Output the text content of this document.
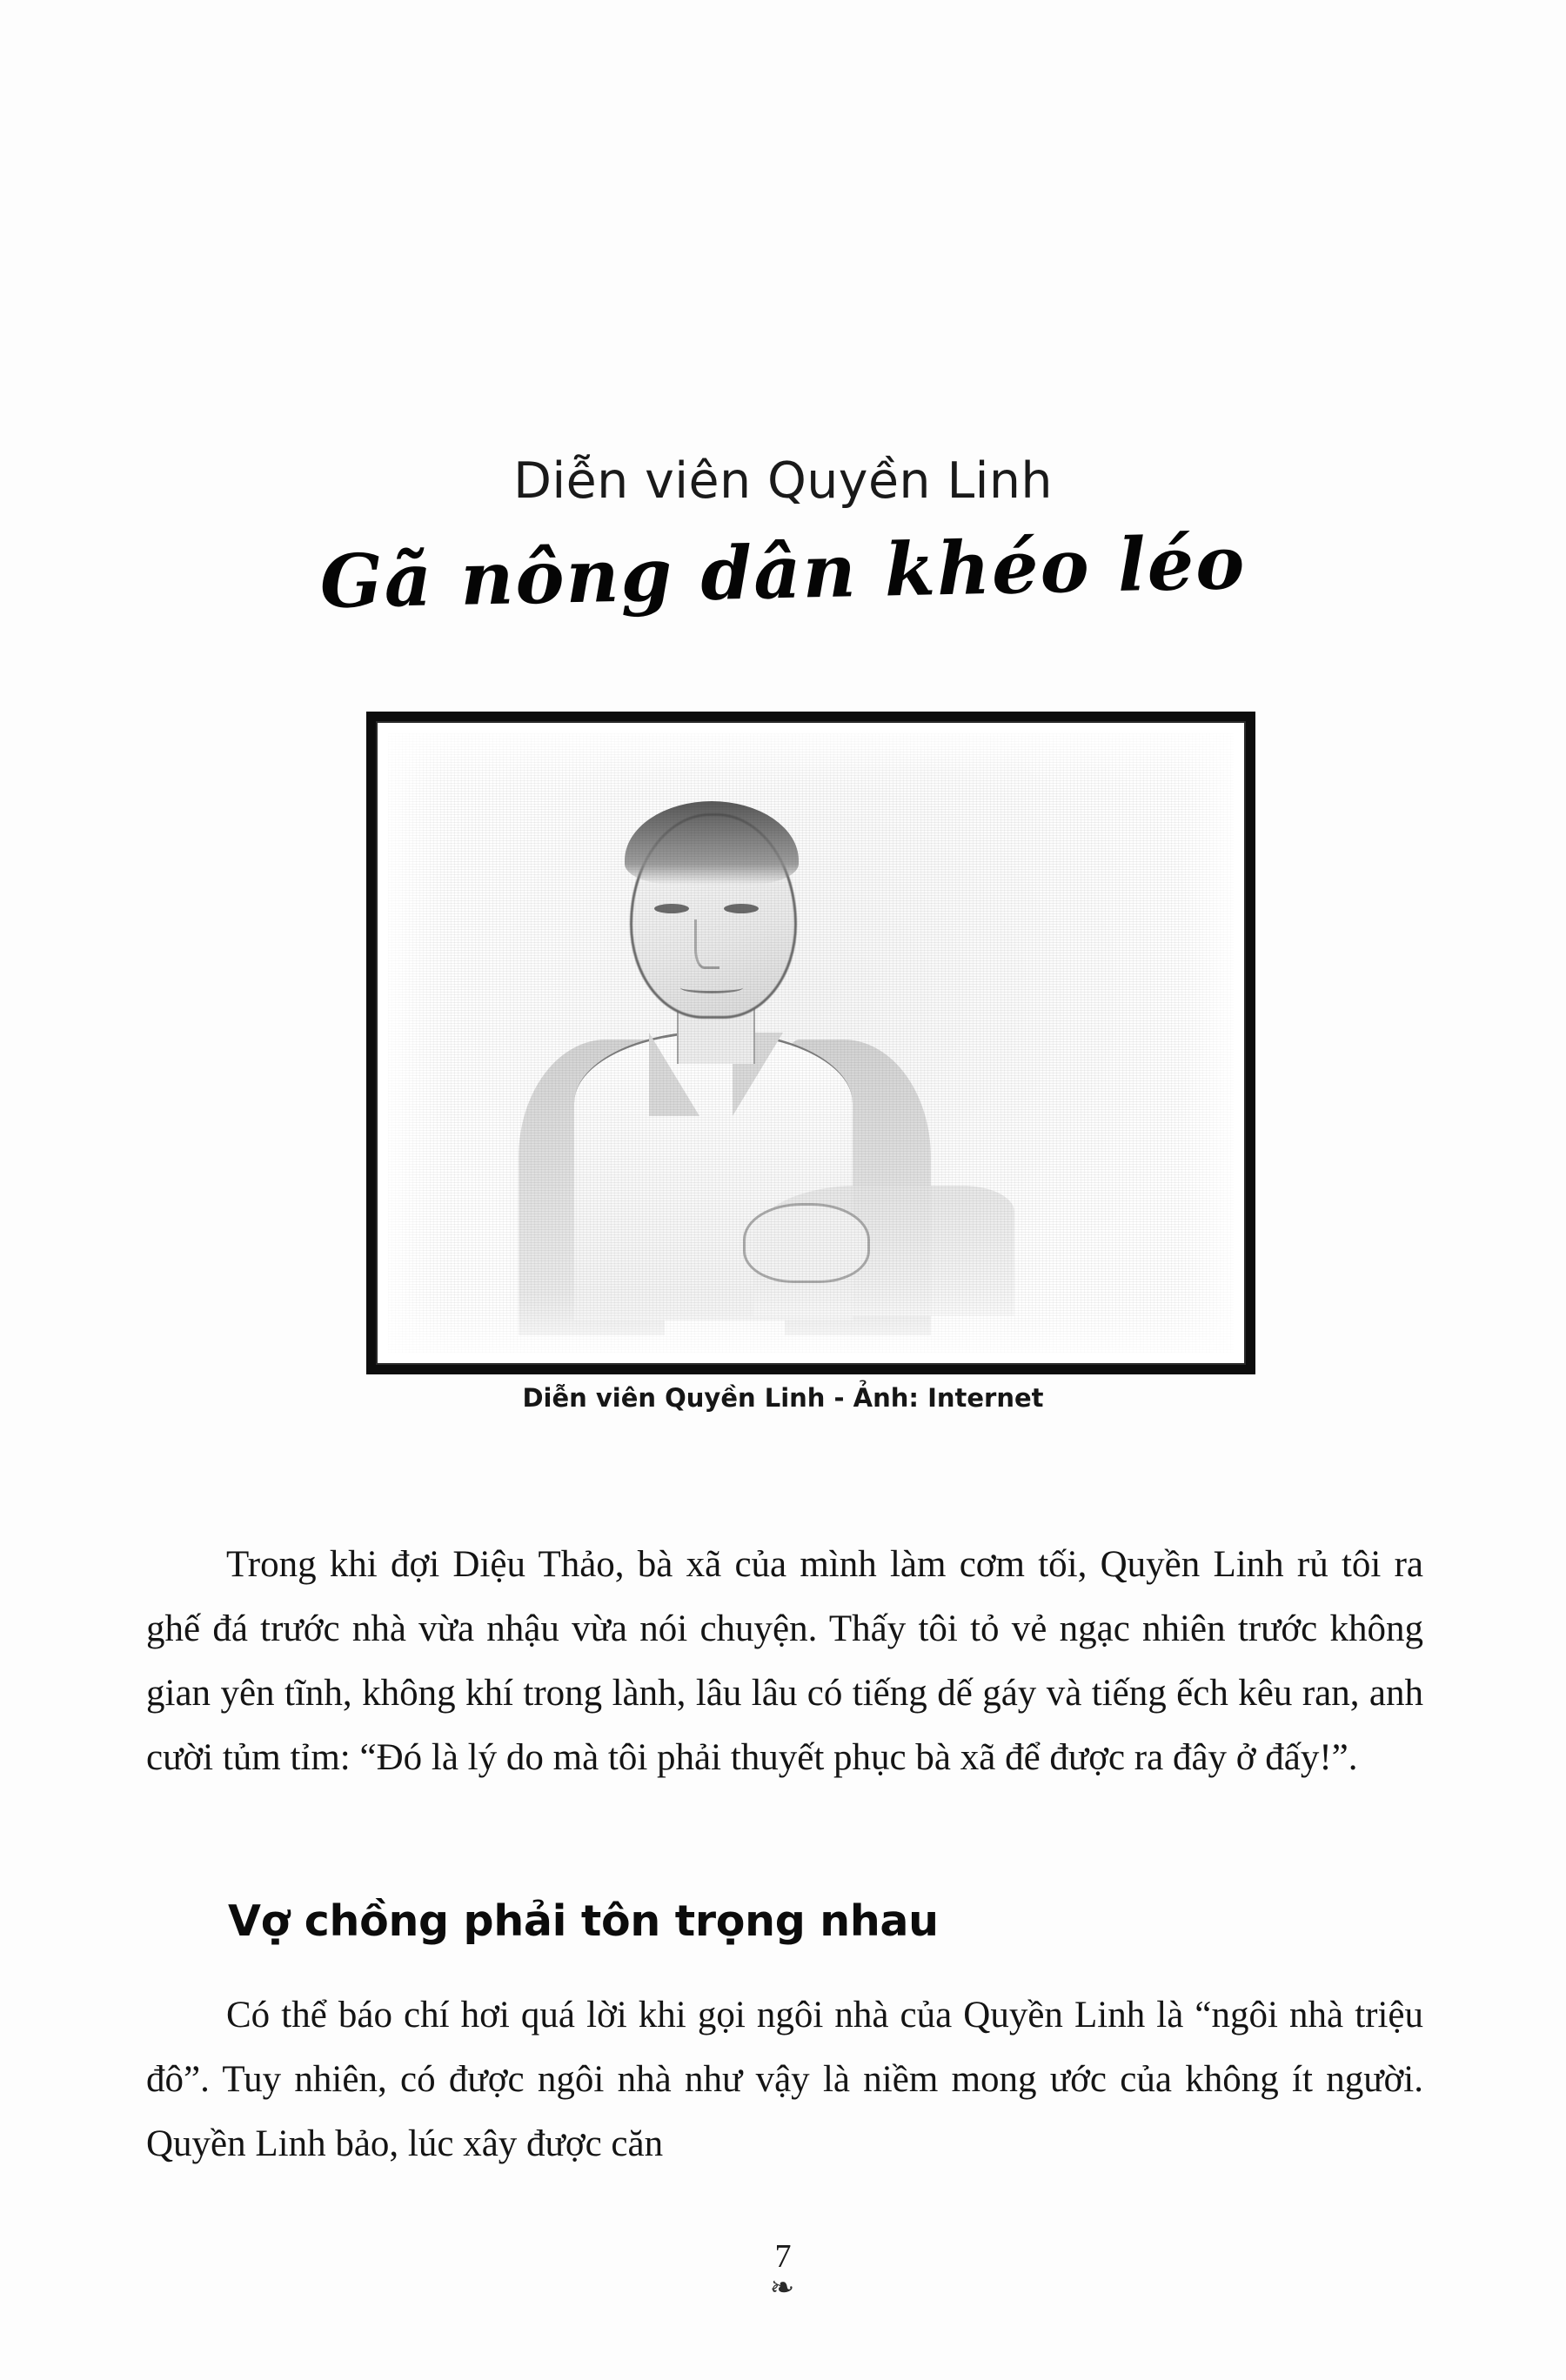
Diễn viên Quyền Linh
Gã nông dân khéo léo
Diễn viên Quyền Linh - Ảnh: Internet

Trong khi đợi Diệu Thảo, bà xã của mình làm cơm tối, Quyền Linh rủ tôi ra ghế đá trước nhà vừa nhậu vừa nói chuyện. Thấy tôi tỏ vẻ ngạc nhiên trước không gian yên tĩnh, không khí trong lành, lâu lâu có tiếng dế gáy và tiếng ếch kêu ran, anh cười tủm tỉm: “Đó là lý do mà tôi phải thuyết phục bà xã để được ra đây ở đấy!”.

Vợ chồng phải tôn trọng nhau

Có thể báo chí hơi quá lời khi gọi ngôi nhà của Quyền Linh là “ngôi nhà triệu đô”. Tuy nhiên, có được ngôi nhà như vậy là niềm mong ước của không ít người. Quyền Linh bảo, lúc xây được căn

7
❧
